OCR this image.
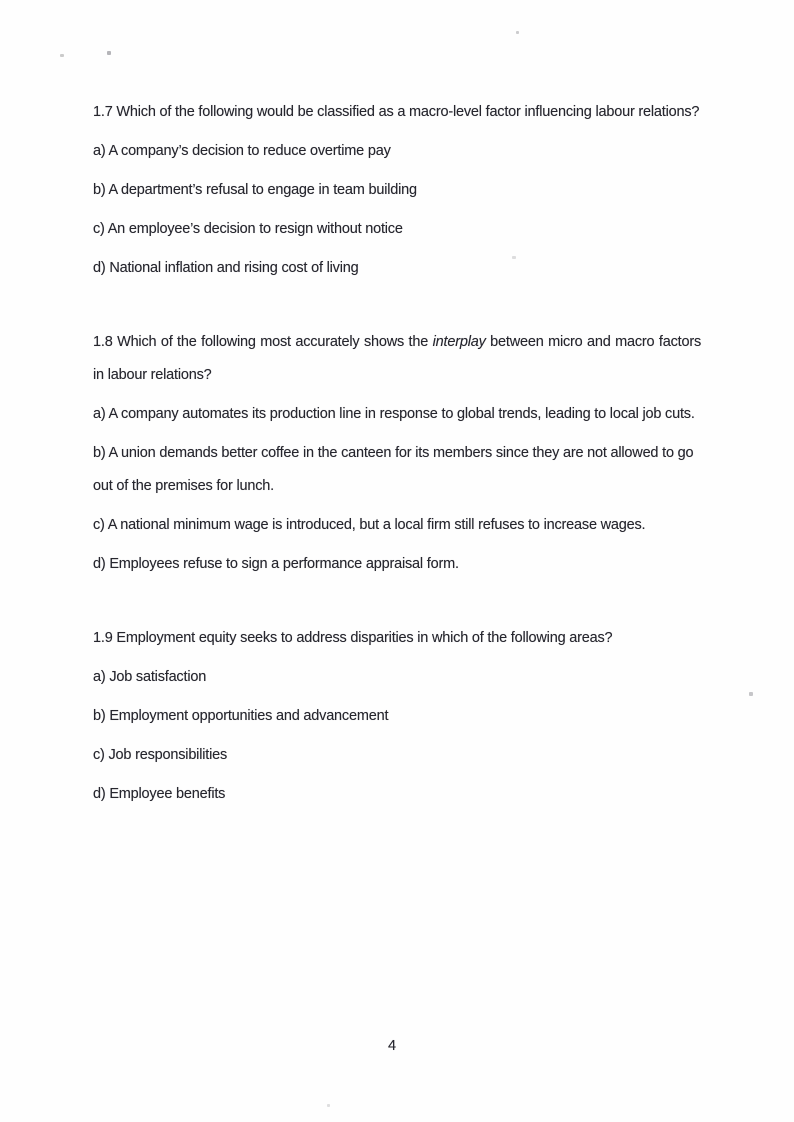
1.7 Which of the following would be classified as a macro-level factor influencing labour relations?

a) A company’s decision to reduce overtime pay

b) A department’s refusal to engage in team building

c) An employee’s decision to resign without notice

d) National inflation and rising cost of living

1.8 Which of the following most accurately shows the interplay between micro and macro factors in labour relations?

a) A company automates its production line in response to global trends, leading to local job cuts.

b) A union demands better coffee in the canteen for its members since they are not allowed to go out of the premises for lunch.

c) A national minimum wage is introduced, but a local firm still refuses to increase wages.

d) Employees refuse to sign a performance appraisal form.

1.9 Employment equity seeks to address disparities in which of the following areas?

a) Job satisfaction

b) Employment opportunities and advancement

c) Job responsibilities

d) Employee benefits

4
